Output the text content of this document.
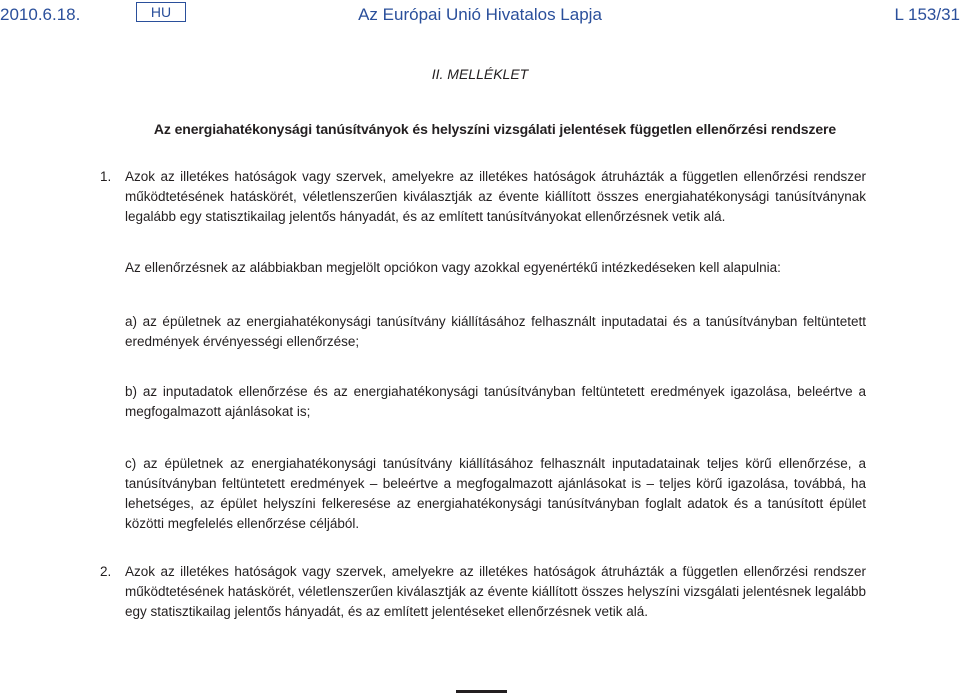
2010.6.18.	HU	Az Európai Unió Hivatalos Lapja	L 153/31
II. MELLÉKLET
Az energiahatékonysági tanúsítványok és helyszíni vizsgálati jelentések független ellenőrzési rendszere
1. Azok az illetékes hatóságok vagy szervek, amelyekre az illetékes hatóságok átruházták a független ellenőrzési rendszer működtetésének hatáskörét, véletlenszerűen kiválasztják az évente kiállított összes energiahatékonysági tanúsítványnak legalább egy statisztikailag jelentős hányadát, és az említett tanúsítványokat ellenőrzésnek vetik alá.

Az ellenőrzésnek az alábbiakban megjelölt opciókon vagy azokkal egyenértékű intézkedéseken kell alapulnia:

a) az épületnek az energiahatékonysági tanúsítvány kiállításához felhasznált inputadatai és a tanúsítványban feltüntetett eredmények érvényességi ellenőrzése;

b) az inputadatok ellenőrzése és az energiahatékonysági tanúsítványban feltüntetett eredmények igazolása, beleértve a megfogalmazott ajánlásokat is;

c) az épületnek az energiahatékonysági tanúsítvány kiállításához felhasznált inputadatainak teljes körű ellenőrzése, a tanúsítványban feltüntetett eredmények – beleértve a megfogalmazott ajánlásokat is – teljes körű igazolása, továbbá, ha lehetséges, az épület helyszíni felkeresése az energiahatékonysági tanúsítványban foglalt adatok és a tanúsított épület közötti megfelelés ellenőrzése céljából.

2. Azok az illetékes hatóságok vagy szervek, amelyekre az illetékes hatóságok átruházták a független ellenőrzési rendszer működtetésének hatáskörét, véletlenszerűen kiválasztják az évente kiállított összes helyszíni vizsgálati jelentésnek legalább egy statisztikailag jelentős hányadát, és az említett jelentéseket ellenőrzésnek vetik alá.
